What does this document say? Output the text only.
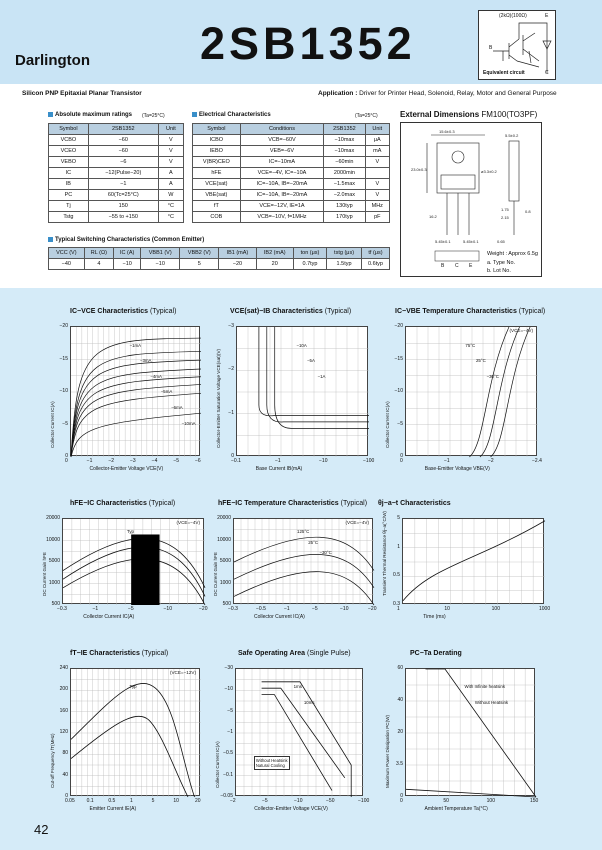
Darlington 2SB1352
(2kΩ)(100Ω)	E
B
Equivalent circuit	C
Silicon PNP Epitaxial Planar Transistor	Application : Driver for Printer Head, Solenoid, Relay, Motor and General Purpose
Absolute maximum ratings (Ta=25°C)
Symbol	2SB1352	Unit
VCBO	−60	V
VCEO	−60	V
VEBO	−6	V
IC	−12(Pulse−20)	A
IB	−1	A
PC	60(Tc=25°C)	W
Tj	150	°C
Tstg	−55 to +150	°C
Electrical Characteristics	(Ta=25°C)
Symbol	Conditions	2SB1352	Unit
ICBO	VCB=−60V	−10max	μA
IEBO	VEB=−6V	−10max	mA
V(BR)CEO	IC=−10mA	−60min	V
hFE	VCE=−4V, IC=−10A	2000min	
VCE(sat)	IC=−10A, IB=−20mA	−1.5max	V
VBE(sat)	IC=−10A, IB=−20mA	−2.0max	V
fT	VCE=−12V, IE=1A	130typ	MHz
COB	VCB=−10V, f=1MHz	170typ	pF
Typical Switching Characteristics (Common Emitter)
VCC (V)	RL (Ω)	IC (A)	VBB1 (V)	VBB2 (V)	IB1 (mA)	IB2 (mA)	ton (μs)	tstg (μs)	tf (μs)
−40	4	−10	−10	5	−20	20	0.7typ	1.5typ	0.6typ
External Dimensions FM100(TO3PF)
15.6±0.3
5.5±0.2
23.0±0.3	ø3.3±0.2
16.2
5.45±0.1	5.45±0.1	0.65
1.75
2.15
0.8
B C E
Weight : Approx 6.5g
a. Type No.
b. Lot No.
IC−VCE Characteristics (Typical)
−1mA
−3mA
−4mA
−5mA
−6mA
−10mA
0	−1	−2	−3	−4	−5	−6
−20
−15
−10
−5
0
Collector-Emitter Voltage VCE(V)
Collector Current IC(A)
VCE(sat)−IB Characteristics (Typical)
−10A
−5A
−1A
−0.1	−1	−10	−100
−3
−2
−1
0
Base Current IB(mA)
Collector-Emitter Saturation Voltage VCE(sat)(V)
IC−VBE Temperature Characteristics (Typical)
(VCE=−4V)
75°C
25°C
−30°C
0	−1	−2	−2.4
−20
−15
−10
−5
0
Base-Emitter Voltage VBE(V)
Collector Current IC(A)
hFE−IC Characteristics (Typical)
(VCE=−4V)
Typ
−0.3	−1	−5	−10	−20
20000
10000
5000
1000
500
Collector Current IC(A)
DC Current Gain hFE
hFE−IC Temperature Characteristics (Typical)
(VCE=−4V)
125°C
25°C
−30°C
−0.3	−0.5	−1	−5	−10	−20
20000
10000
5000
1000
500
Collector Current IC(A)
DC Current Gain hFE
θj−a−t Characteristics
1	10	100	1000
5
1
0.5
0.3
Time (ms)
Transient Thermal Resistance θj−a(°C/W)
fT−IE Characteristics (Typical)
(VCE=−12V)
Typ
0.05 0.1	0.5	1	5	10	20
240
200
160
120
80
40
0
Emitter Current IE(A)
Cut-off Frequency fT(MHz)
Safe Operating Area (Single Pulse)
1ms
10ms
Without Heatsink
Natural Cooling
−2	−5	−10	−50	−100
−30
−10
−5
−1
−0.5
−0.1
−0.05
Collector-Emitter Voltage VCE(V)
Collector Current IC(A)
PC−Ta Derating
With Infinite heatsink
Without Heatsink
0	50	100	150
60
40
20
3.5
0
Ambient Temperature Ta(°C)
Maximum Power Dissipation PC(W)
42
